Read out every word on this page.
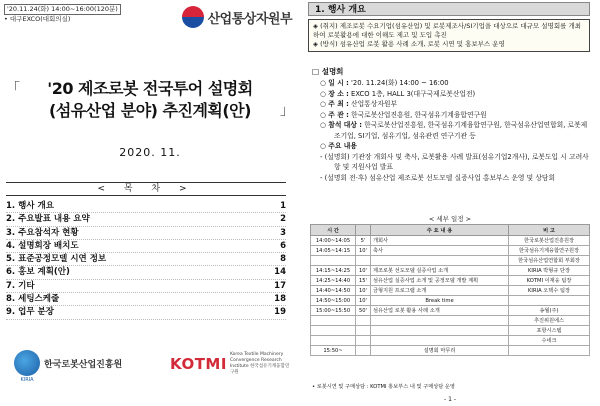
'20.11.24(화) 14:00~16:00(120분)
• 대구EXCO(대회의실)	산업통상자원부
「	'20 제조로봇 전국투어 설명회
(섬유산업 분야) 추진계획(안)	」
2020. 11.
< 목 차 >
1. 행사 개요	1
2. 주요발표 내용 요약	2
3. 주요참석자 현황	3
4. 설명회장 배치도	6
5. 표준공정모델 시연 정보	8
6. 홍보 계획(안)	14
7. 기타	17
8. 세팅스케줄	18
9. 업무 분장	19
KIRIA
한국로봇산업진흥원	KOTMI
Korea Textile Machinery Convergence Research Institute 한국섬유기계융합연구원
1. 행사 개요
◈ (취지) 제조로봇 수요기업(섬유산업) 및 로봇제조사/SI기업을 대상으로 대규모 설명회를 개최하여 로봇활용에 대한 이해도 제고 및 도입 촉진
◈ (방식) 섬유산업 로봇 활용 사례 소개, 로봇 시연 및 홍보부스 운영
□ 설명회
○ 일 시 : '20. 11.24(화) 14:00 ~ 16:00
○ 장 소 : EXCO 1층, HALL 3(대구국제로봇산업전)
○ 주 최 : 산업통상자원부
○ 주 관 : 한국로봇산업진흥원, 한국섬유기계융합연구원
○ 참석 대상 : 한국로봇산업진흥원, 한국섬유기계융합연구원, 한국섬유산업연합회, 로봇제조기업, SI기업, 섬유기업, 섬유관련 연구기관 등
○ 주요 내용
- (설명회) 기관장 개회사 및 축사, 로봇활용 사례 발표(섬유기업2개사), 로봇도입 시 고려사항 및 지원사업 발표
- (설명회 전·후) 섬유산업 제조로봇 선도모델 실증사업 홍보부스 운영 및 상담회
< 세부 일정 >
시 간		주 요 내 용	비 고
14:00~14:05	5'	개회사	한국로봇산업진흥원장
14:05~14:15	10'	축사	한국섬유기계융합연구원장
			한국섬유산업연합회 부회장
14:15~14:25	10'	제조로봇 선도모델 실증사업 소개	KIRIA 박형규 단장
14:25~14:40	15'	섬유산업 실증사업 소개 및 공정모델 개발 계획	KOTMI 이재웅 팀장
14:40~14:50	10'	금형지원 프로그램 소개	KIRIA 오택수 팀장
14:50~15:00	10'	Break time	
15:00~15:50	50'	섬유산업 로봇 활용 사례 소개	송월(주)
			추진위원에스
			포항시스템
			수네크
15:50~		설명회 마무리	
• 로봇시연 및 구매상담 : KOTMI 홍보부스 내 및 구매상담 운영
- 1 -
